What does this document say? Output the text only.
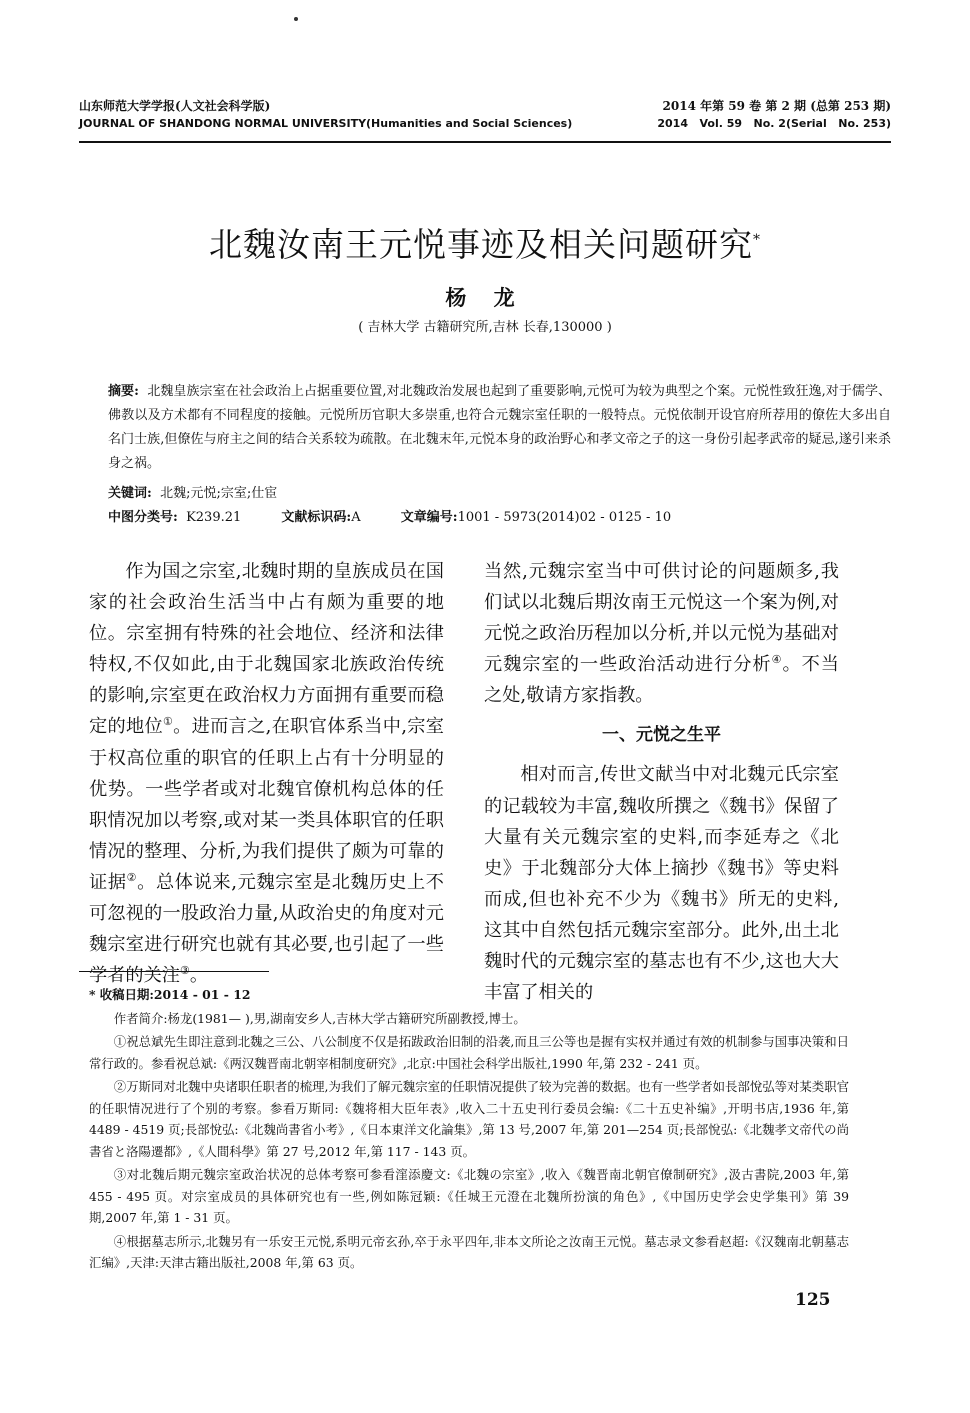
山东师范大学学报(人文社会科学版)
JOURNAL OF SHANDONG NORMAL UNIVERSITY(Humanities and Social Sciences)
2014 年第 59 卷 第 2 期 (总第 253 期)
2014   Vol. 59   No. 2(Serial   No. 253)
北魏汝南王元悦事迹及相关问题研究*
杨 龙
( 吉林大学 古籍研究所,吉林 长春,130000 )
摘要: 北魏皇族宗室在社会政治上占据重要位置,对北魏政治发展也起到了重要影响,元悦可为较为典型之个案。元悦性致狂逸,对于儒学、佛教以及方术都有不同程度的接触。元悦所历官职大多崇重,也符合元魏宗室任职的一般特点。元悦依制开设官府所荐用的僚佐大多出自名门士族,但僚佐与府主之间的结合关系较为疏散。在北魏末年,元悦本身的政治野心和孝文帝之子的这一身份引起孝武帝的疑忌,遂引来杀身之祸。
关键词: 北魏;元悦;宗室;仕宦
中图分类号: K239.21	文献标识码:A	文章编号:1001 - 5973(2014)02 - 0125 - 10

作为国之宗室,北魏时期的皇族成员在国家的社会政治生活当中占有颇为重要的地位。宗室拥有特殊的社会地位、经济和法律特权,不仅如此,由于北魏国家北族政治传统的影响,宗室更在政治权力方面拥有重要而稳定的地位①。进而言之,在职官体系当中,宗室于权高位重的职官的任职上占有十分明显的优势。一些学者或对北魏官僚机构总体的任职情况加以考察,或对某一类具体职官的任职情况的整理、分析,为我们提供了颇为可靠的证据②。总体说来,元魏宗室是北魏历史上不可忽视的一股政治力量,从政治史的角度对元魏宗室进行研究也就有其必要,也引起了一些学者的关注③。

当然,元魏宗室当中可供讨论的问题颇多,我们试以北魏后期汝南王元悦这一个案为例,对元悦之政治历程加以分析,并以元悦为基础对元魏宗室的一些政治活动进行分析④。不当之处,敬请方家指教。

一、元悦之生平

相对而言,传世文献当中对北魏元氏宗室的记载较为丰富,魏收所撰之《魏书》保留了大量有关元魏宗室的史料,而李延寿之《北史》于北魏部分大体上摘抄《魏书》等史料而成,但也补充不少为《魏书》所无的史料,这其中自然包括元魏宗室部分。此外,出土北魏时代的元魏宗室的墓志也有不少,这也大大丰富了相关的

* 收稿日期:2014 - 01 - 12

作者简介:杨龙(1981— ),男,湖南安乡人,吉林大学古籍研究所副教授,博士。

①祝总斌先生即注意到北魏之三公、八公制度不仅是拓跋政治旧制的沿袭,而且三公等也是握有实权并通过有效的机制参与国事决策和日常行政的。参看祝总斌:《两汉魏晋南北朝宰相制度研究》,北京:中国社会科学出版社,1990 年,第 232 - 241 页。

②万斯同对北魏中央诸职任职者的梳理,为我们了解元魏宗室的任职情况提供了较为完善的数据。也有一些学者如長部悅弘等对某类职官的任职情况进行了个别的考察。参看万斯同:《魏将相大臣年表》,收入二十五史刊行委员会编:《二十五史补编》,开明书店,1936 年,第 4489 - 4519 页;長部悅弘:《北魏尚書省小考》,《日本東洋文化論集》,第 13 号,2007 年,第 201—254 页;長部悅弘:《北魏孝文帝代の尚書省と洛陽遷都》,《人間科學》第 27 号,2012 年,第 117 - 143 页。

③对北魏后期元魏宗室政治状况的总体考察可参看漥添慶文:《北魏の宗室》,收入《魏晋南北朝官僚制研究》,汲古書院,2003 年,第 455 - 495 页。对宗室成员的具体研究也有一些,例如陈冠颖:《任城王元澄在北魏所扮演的角色》,《中国历史学会史学集刊》第 39 期,2007 年,第 1 - 31 页。

④根据墓志所示,北魏另有一乐安王元悦,系明元帝玄孙,卒于永平四年,非本文所论之汝南王元悦。墓志录文参看赵超:《汉魏南北朝墓志汇编》,天津:天津古籍出版社,2008 年,第 63 页。

125
